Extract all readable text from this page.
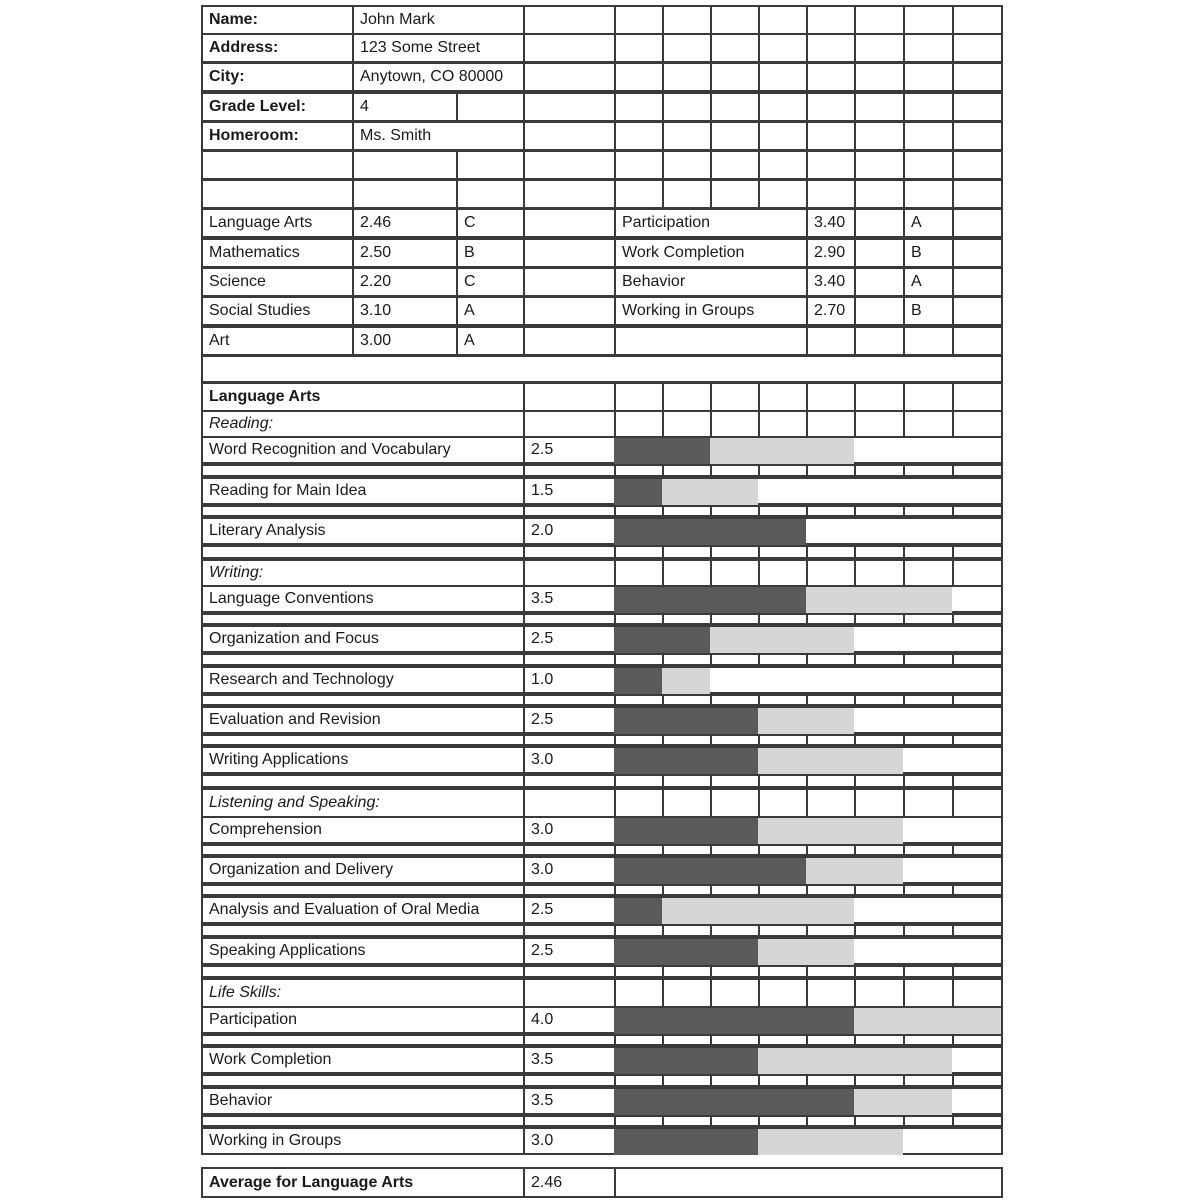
Name:	John Mark
Address:	123 Some Street
City:	Anytown, CO 80000
Grade Level:	4
Homeroom:	Ms. Smith
Language Arts	2.46	C	Participation	3.40	A
Mathematics	2.50	B	Work Completion	2.90	B
Science	2.20	C	Behavior	3.40	A
Social Studies	3.10	A	Working in Groups	2.70	B
Art	3.00	A
Language Arts
Reading:
Word Recognition and Vocabulary	2.5
Reading for Main Idea	1.5
Literary Analysis	2.0
Writing:
Language Conventions	3.5
Organization and Focus	2.5
Research and Technology	1.0
Evaluation and Revision	2.5
Writing Applications	3.0
Listening and Speaking:
Comprehension	3.0
Organization and Delivery	3.0
Analysis and Evaluation of Oral Media	2.5
Speaking Applications	2.5
Life Skills:
Participation	4.0
Work Completion	3.5
Behavior	3.5
Working in Groups	3.0
Average for Language Arts	2.46
